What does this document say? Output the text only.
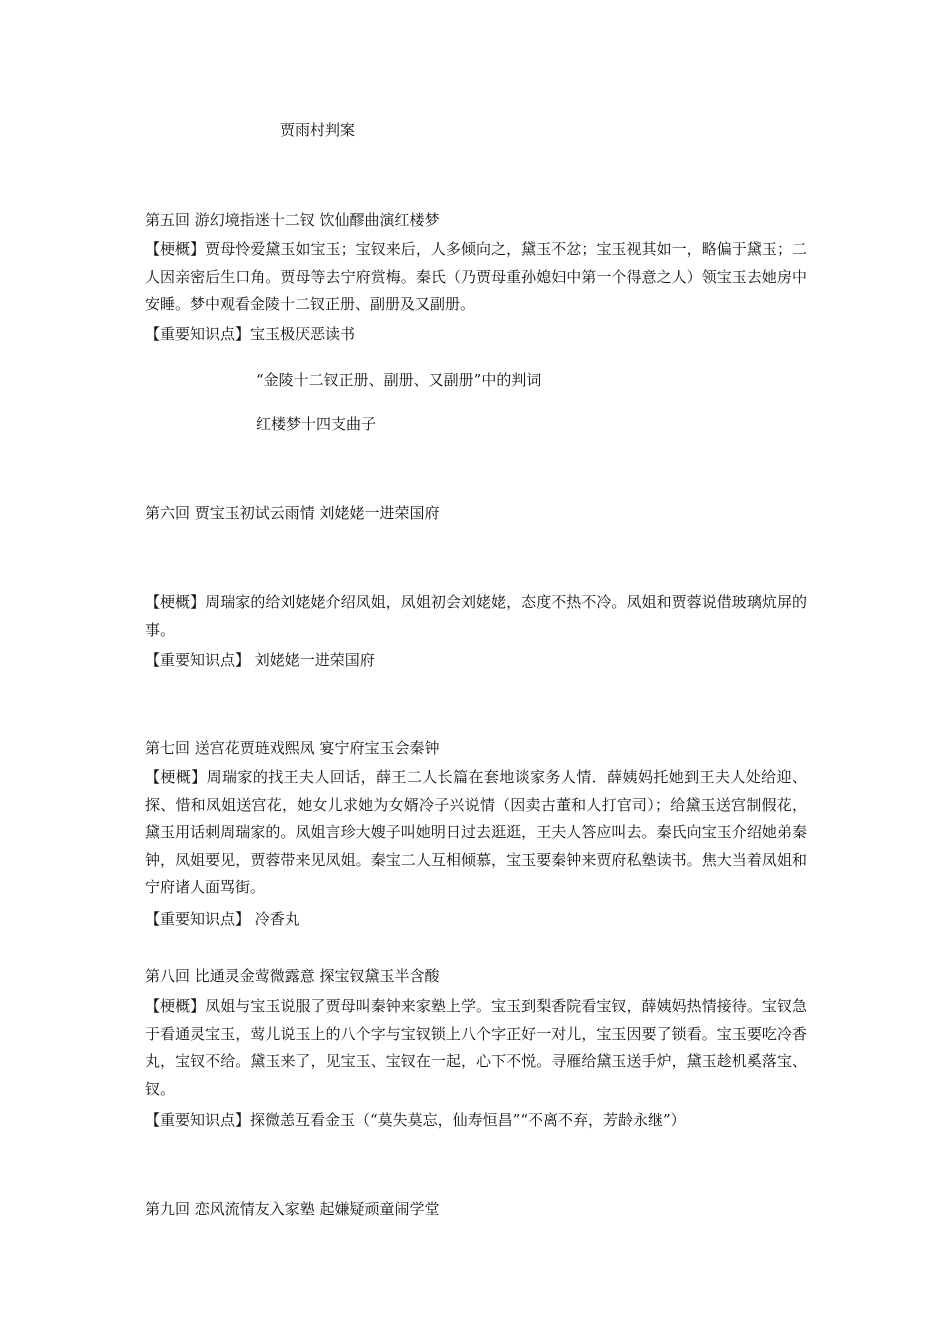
贾雨村判案
第五回 游幻境指迷十二钗 饮仙醪曲演红楼梦
【梗概】贾母怜爱黛玉如宝玉；宝钗来后，人多倾向之，黛玉不忿；宝玉视其如一，略偏于黛玉；二人因亲密后生口角。贾母等去宁府赏梅。秦氏（乃贾母重孙媳妇中第一个得意之人）领宝玉去她房中安睡。梦中观看金陵十二钗正册、副册及又副册。
【重要知识点】宝玉极厌恶读书
“金陵十二钗正册、副册、又副册”中的判词
红楼梦十四支曲子
第六回 贾宝玉初试云雨情 刘姥姥一进荣国府
【梗概】周瑞家的给刘姥姥介绍凤姐，凤姐初会刘姥姥，态度不热不冷。凤姐和贾蓉说借玻璃炕屏的事。
【重要知识点】 刘姥姥一进荣国府
第七回 送宫花贾琏戏熙凤 宴宁府宝玉会秦钟
【梗概】周瑞家的找王夫人回话，薛王二人长篇在套地谈家务人情．薛姨妈托她到王夫人处给迎、探、惜和凤姐送宫花，她女儿求她为女婿冷子兴说情（因卖古董和人打官司）；给黛玉送宫制假花，黛玉用话刺周瑞家的。凤姐言珍大嫂子叫她明日过去逛逛，王夫人答应叫去。秦氏向宝玉介绍她弟秦钟，凤姐要见，贾蓉带来见凤姐。秦宝二人互相倾慕，宝玉要秦钟来贾府私塾读书。焦大当着凤姐和宁府诸人面骂街。
【重要知识点】 冷香丸
第八回 比通灵金莺微露意 探宝钗黛玉半含酸
【梗概】凤姐与宝玉说服了贾母叫秦钟来家塾上学。宝玉到梨香院看宝钗，薛姨妈热情接待。宝钗急于看通灵宝玉，莺儿说玉上的八个字与宝钗锁上八个字正好一对儿，宝玉因要了锁看。宝玉要吃冷香丸，宝钗不给。黛玉来了，见宝玉、宝钗在一起，心下不悦。寻雁给黛玉送手炉，黛玉趁机奚落宝、钗。
【重要知识点】探微恙互看金玉（“莫失莫忘，仙寿恒昌”“不离不弃，芳龄永继”）
第九回 恋风流情友入家塾 起嫌疑顽童闹学堂
